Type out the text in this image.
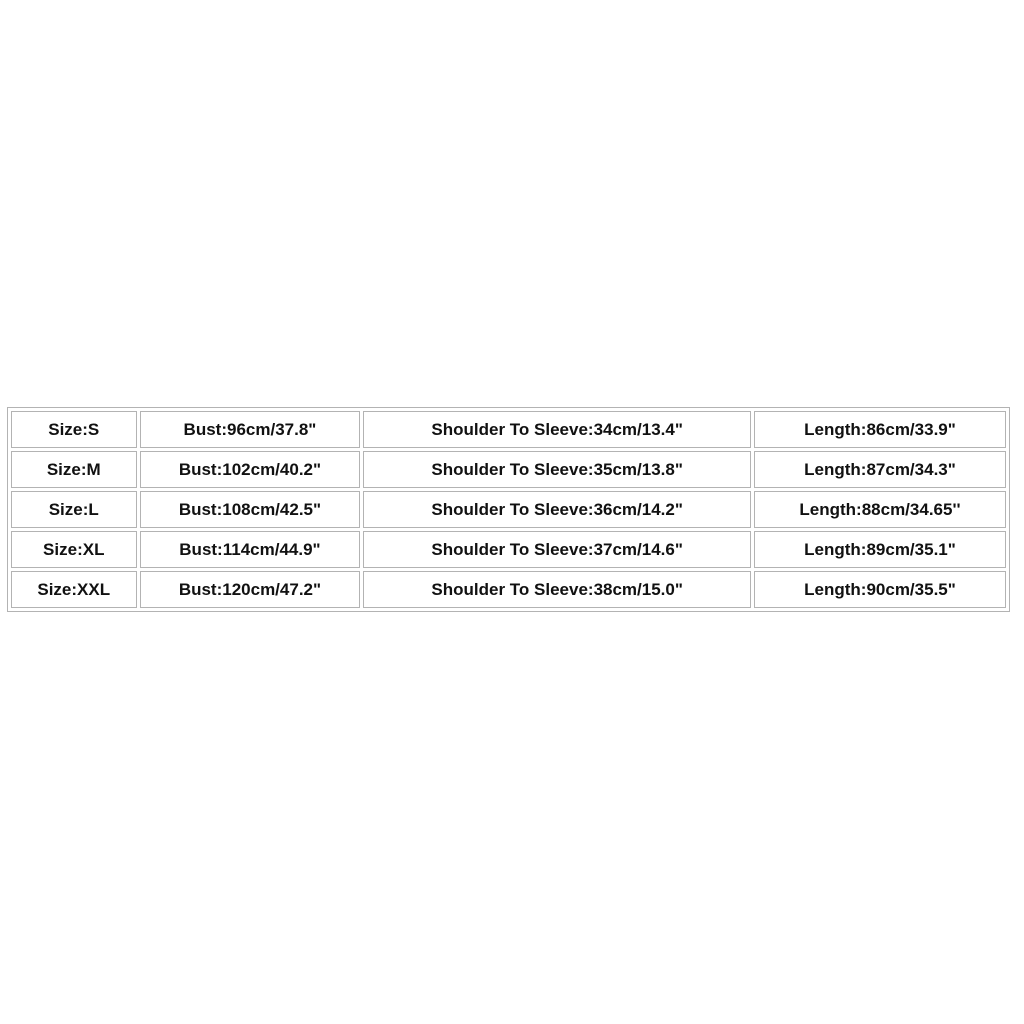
Size:S	Bust:96cm/37.8"	Shoulder To Sleeve:34cm/13.4"	Length:86cm/33.9"
Size:M	Bust:102cm/40.2"	Shoulder To Sleeve:35cm/13.8"	Length:87cm/34.3"
Size:L	Bust:108cm/42.5"	Shoulder To Sleeve:36cm/14.2"	Length:88cm/34.65''
Size:XL	Bust:114cm/44.9"	Shoulder To Sleeve:37cm/14.6"	Length:89cm/35.1"
Size:XXL	Bust:120cm/47.2"	Shoulder To Sleeve:38cm/15.0"	Length:90cm/35.5"
